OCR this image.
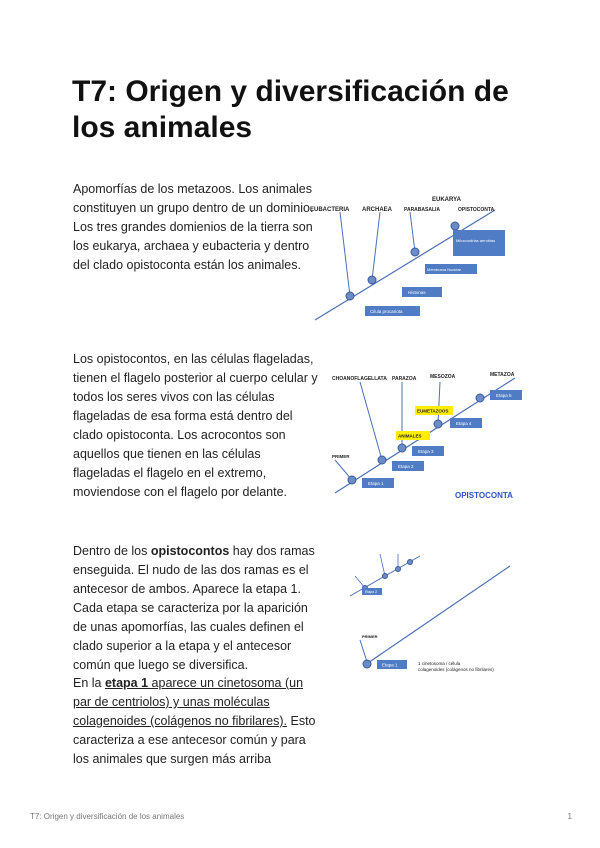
T7: Origen y diversificación de los animales

Apomorfías de los metazoos. Los animales constituyen un grupo dentro de un dominio. Los tres grandes domienios de la tierra son los eukarya, archaea y eubacteria y dentro del clado opistoconta están los animales.

Los opistocontos, en las células flageladas, tienen el flagelo posterior al cuerpo celular y todos los seres vivos con las células flageladas de esa forma está dentro del clado opistoconta. Los acrocontos son aquellos que tienen en las células flageladas el flagelo en el extremo, moviendose con el flagelo por delante.

Dentro de los opistocontos hay dos ramas enseguida. El nudo de las dos ramas es el antecesor de ambos. Aparece la etapa 1. Cada etapa se caracteriza por la aparición de unas apomorfías, las cuales definen el clado superior a la etapa y el antecesor común que luego se diversifica.

En la etapa 1 aparece un cinetosoma (un par de centriolos) y unas moléculas colagenoides (colágenos no fibrilares). Esto caracteriza a ese antecesor común y para los animales que surgen más arriba

EUBACTERIA ARCHAEA PARABASALIA
EUKARYA
OPISTOCONTA
Cilula procariota
Histonas
Membrana Nuclear
Mitocondrias aerobias
CHOANOFLAGELLATA PARAZOA	MESOZOA	METAZOA
PRIMER
Etapa 1
Etapa 2
Etapa 3
Etapa 4
Etapa 5
EUMETAZOOS
ANIMALES
OPISTOCONTA
Etapa 2
PRIMER
Etapa 1	1 cinetosoma / célula
colagenoides (colágenos no fibrilares)
T7: Origen y diversificación de los animales	1
